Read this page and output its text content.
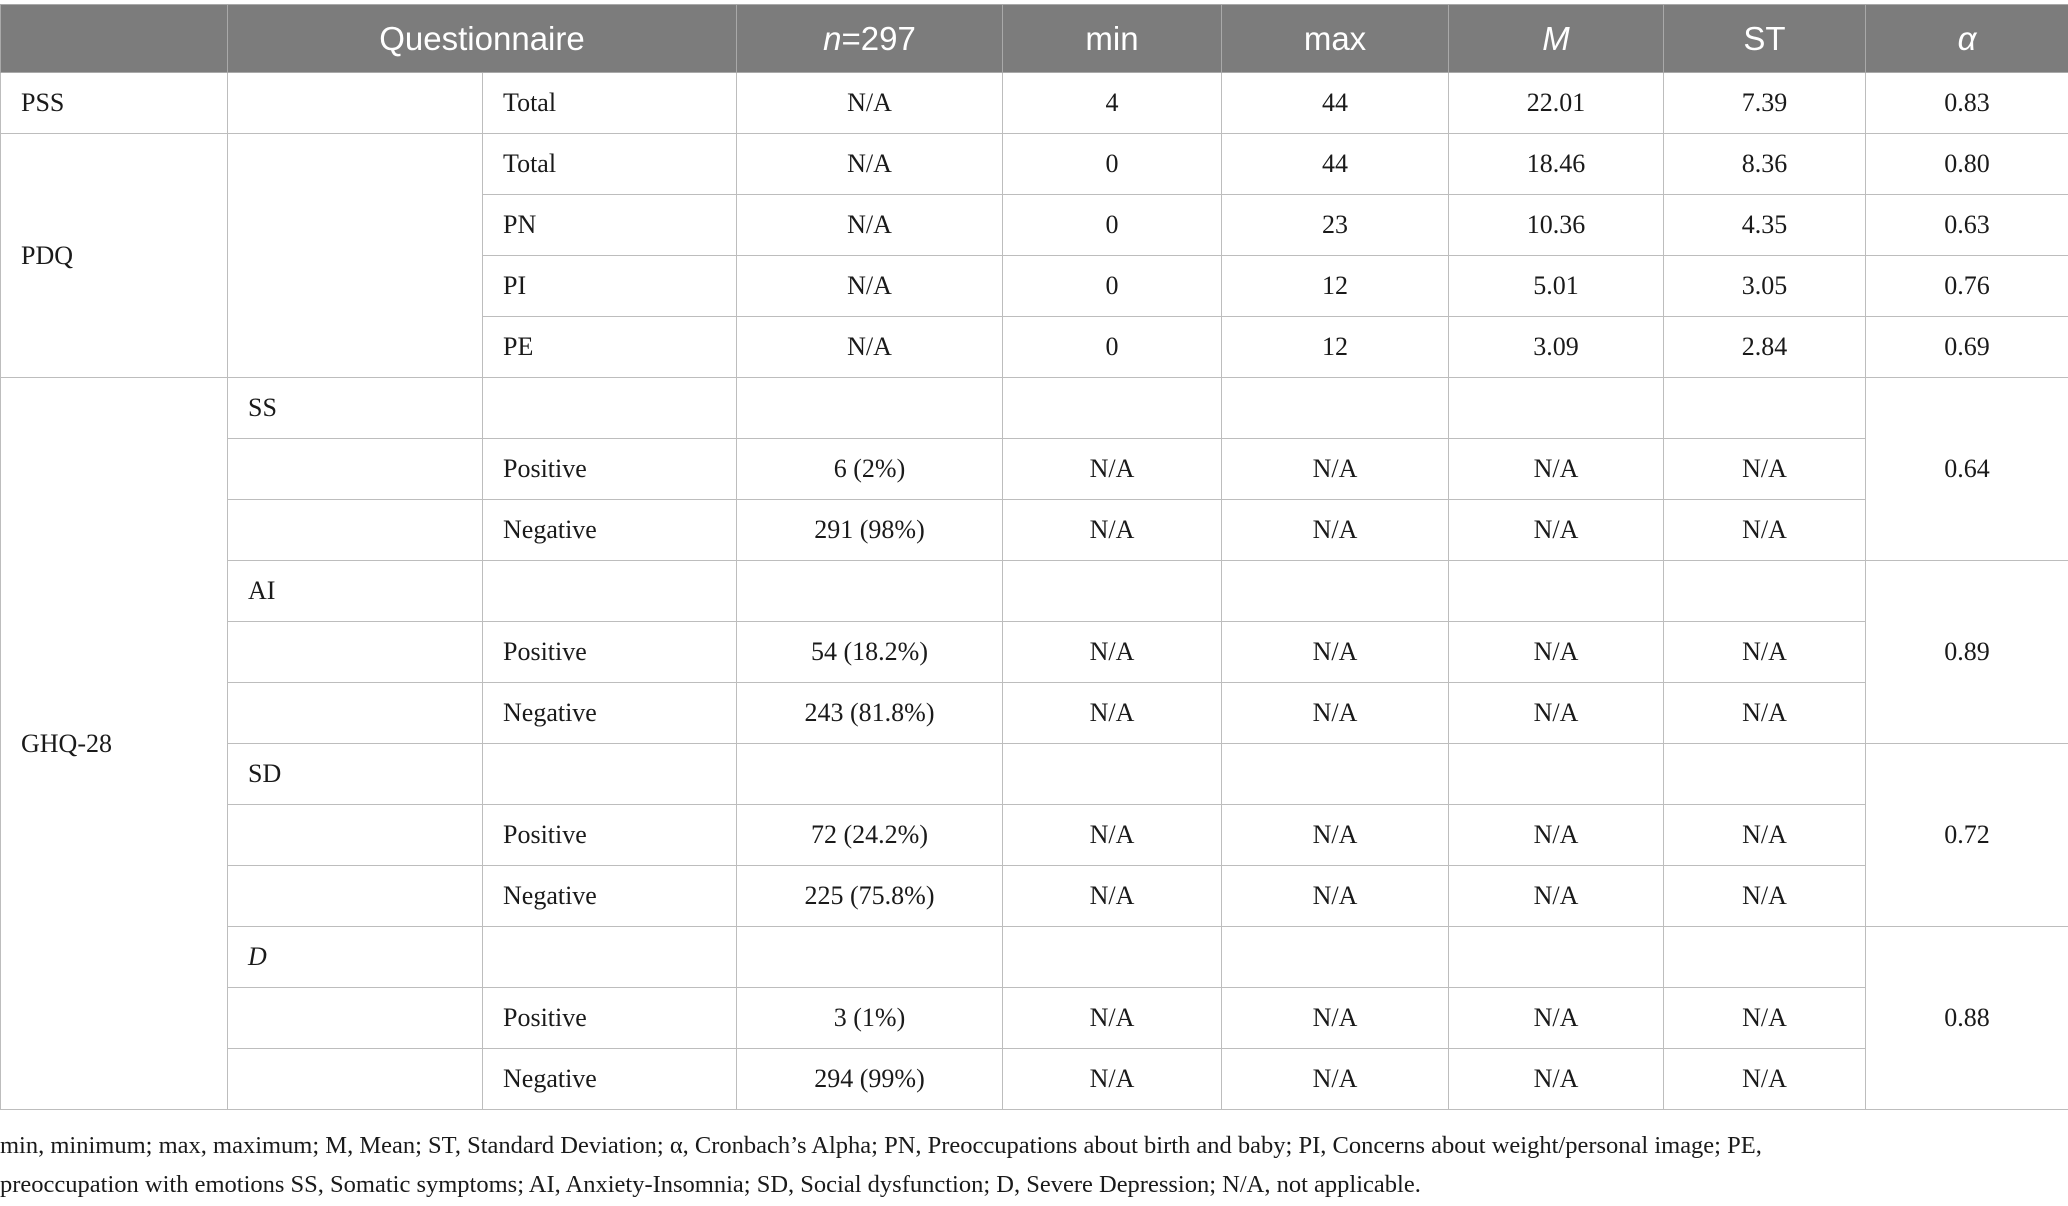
	Questionnaire		n=297	min	max	M	ST	α
PSS		Total	N/A	4	44	22.01	7.39	0.83
PDQ		Total	N/A	0	44	18.46	8.36	0.80
		PN	N/A	0	23	10.36	4.35	0.63
		PI	N/A	0	12	5.01	3.05	0.76
		PE	N/A	0	12	3.09	2.84	0.69
GHQ-28	SS							0.64
		Positive	6 (2%)	N/A	N/A	N/A	N/A	
		Negative	291 (98%)	N/A	N/A	N/A	N/A	
	AI							0.89
		Positive	54 (18.2%)	N/A	N/A	N/A	N/A	
		Negative	243 (81.8%)	N/A	N/A	N/A	N/A	
	SD							0.72
		Positive	72 (24.2%)	N/A	N/A	N/A	N/A	
		Negative	225 (75.8%)	N/A	N/A	N/A	N/A	
	D							0.88
		Positive	3 (1%)	N/A	N/A	N/A	N/A	
		Negative	294 (99%)	N/A	N/A	N/A	N/A	
min, minimum; max, maximum; M, Mean; ST, Standard Deviation; α, Cronbach’s Alpha; PN, Preoccupations about birth and baby; PI, Concerns about weight/personal image; PE,
preoccupation with emotions SS, Somatic symptoms; AI, Anxiety-Insomnia; SD, Social dysfunction; D, Severe Depression; N/A, not applicable.
